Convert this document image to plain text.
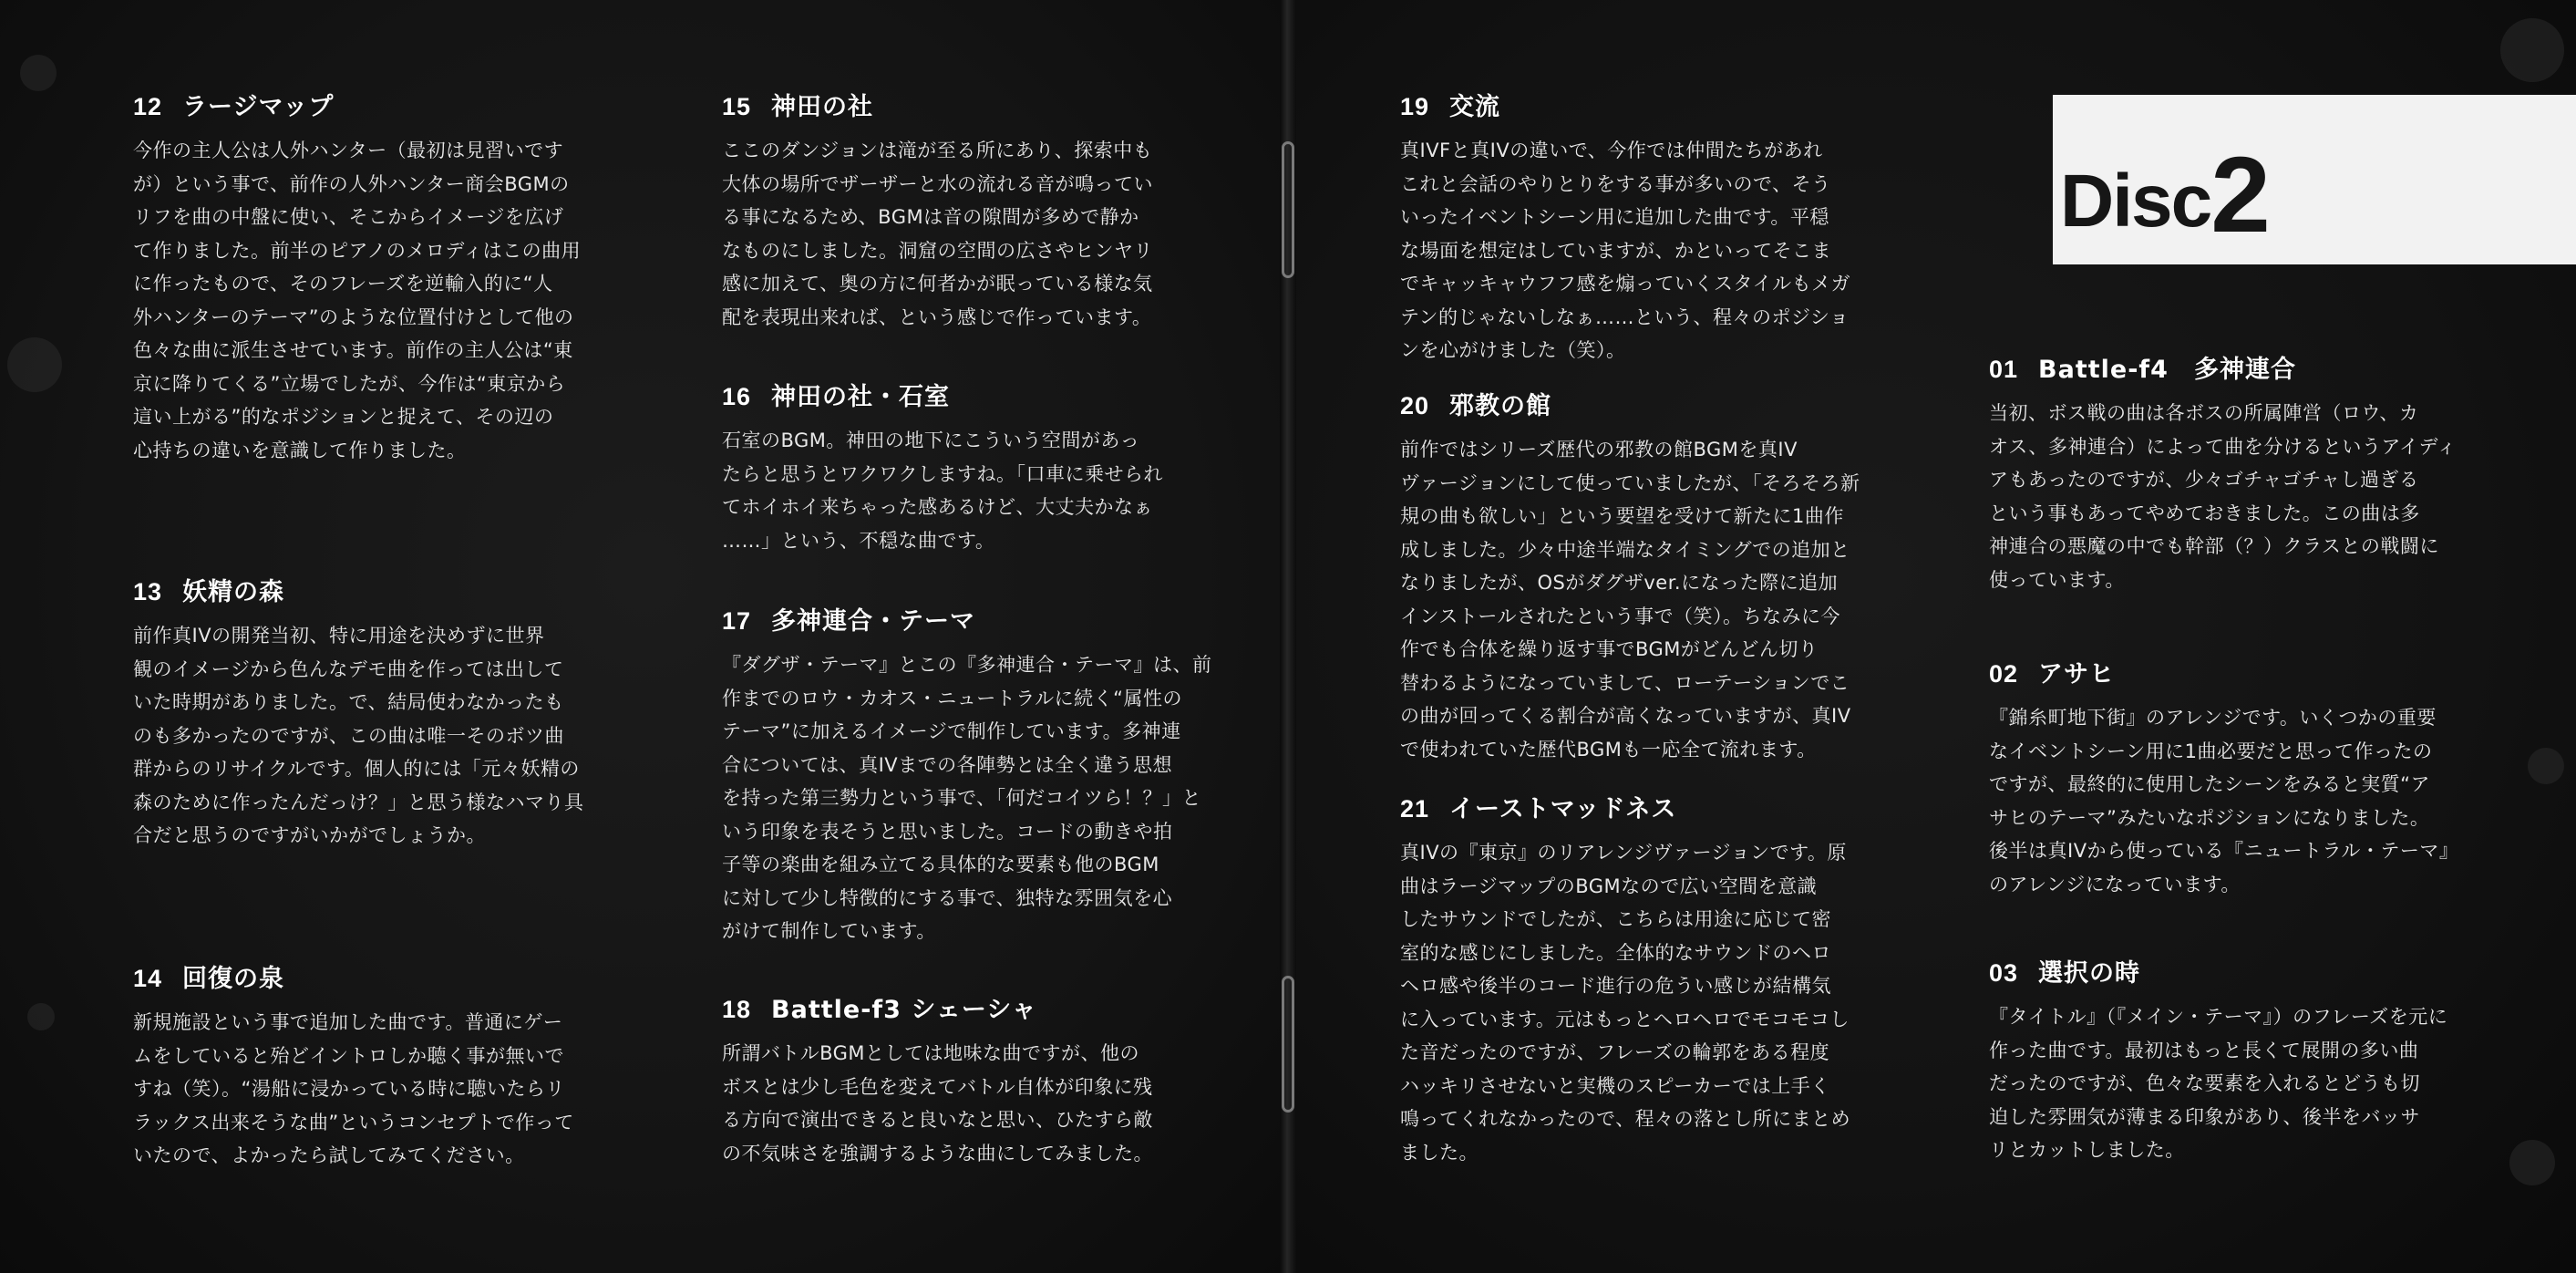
Disc2
12 ラージマップ

今作の主人公は人外ハンター（最初は見習いです
が）という事で、前作の人外ハンター商会BGMの
リフを曲の中盤に使い、そこからイメージを広げ
て作りました。前半のピアノのメロディはこの曲用
に作ったもので、そのフレーズを逆輸入的に“人
外ハンターのテーマ”のような位置付けとして他の
色々な曲に派生させています。前作の主人公は“東
京に降りてくる”立場でしたが、今作は“東京から
這い上がる”的なポジションと捉えて、その辺の
心持ちの違いを意識して作りました。

13 妖精の森

前作真IVの開発当初、特に用途を決めずに世界
観のイメージから色んなデモ曲を作っては出して
いた時期がありました。で、結局使わなかったも
のも多かったのですが、この曲は唯一そのボツ曲
群からのリサイクルです。個人的には「元々妖精の
森のために作ったんだっけ？」と思う様なハマり具
合だと思うのですがいかがでしょうか。

14 回復の泉

新規施設という事で追加した曲です。普通にゲー
ムをしていると殆どイントロしか聴く事が無いで
すね（笑）。“湯船に浸かっている時に聴いたらリ
ラックス出来そうな曲”というコンセプトで作って
いたので、よかったら試してみてください。

15 神田の社

ここのダンジョンは滝が至る所にあり、探索中も
大体の場所でザーザーと水の流れる音が鳴ってい
る事になるため、BGMは音の隙間が多めで静か
なものにしました。洞窟の空間の広さやヒンヤリ
感に加えて、奥の方に何者かが眠っている様な気
配を表現出来れば、という感じで作っています。

16 神田の社・石室

石室のBGM。神田の地下にこういう空間があっ
たらと思うとワクワクしますね。「口車に乗せられ
てホイホイ来ちゃった感あるけど、大丈夫かなぁ
……」という、不穏な曲です。

17 多神連合・テーマ

『ダグザ・テーマ』とこの『多神連合・テーマ』は、前
作までのロウ・カオス・ニュートラルに続く“属性の
テーマ”に加えるイメージで制作しています。多神連
合については、真IVまでの各陣勢とは全く違う思想
を持った第三勢力という事で、「何だコイツら！？」と
いう印象を表そうと思いました。コードの動きや拍
子等の楽曲を組み立てる具体的な要素も他のBGM
に対して少し特徴的にする事で、独特な雰囲気を心
がけて制作しています。

18 Battle-f3 シェーシャ

所謂バトルBGMとしては地味な曲ですが、他の
ボスとは少し毛色を変えてバトル自体が印象に残
る方向で演出できると良いなと思い、ひたすら敵
の不気味さを強調するような曲にしてみました。

19 交流

真IVFと真IVの違いで、今作では仲間たちがあれ
これと会話のやりとりをする事が多いので、そう
いったイベントシーン用に追加した曲です。平穏
な場面を想定はしていますが、かといってそこま
でキャッキャウフフ感を煽っていくスタイルもメガ
テン的じゃないしなぁ……という、程々のポジショ
ンを心がけました（笑）。

20 邪教の館

前作ではシリーズ歴代の邪教の館BGMを真IV
ヴァージョンにして使っていましたが、「そろそろ新
規の曲も欲しい」という要望を受けて新たに1曲作
成しました。少々中途半端なタイミングでの追加と
なりましたが、OSがダグザver.になった際に追加
インストールされたという事で（笑）。ちなみに今
作でも合体を繰り返す事でBGMがどんどん切り
替わるようになっていまして、ローテーションでこ
の曲が回ってくる割合が高くなっていますが、真IV
で使われていた歴代BGMも一応全て流れます。

21 イーストマッドネス

真IVの『東京』のリアレンジヴァージョンです。原
曲はラージマップのBGMなので広い空間を意識
したサウンドでしたが、こちらは用途に応じて密
室的な感じにしました。全体的なサウンドのヘロ
ヘロ感や後半のコード進行の危うい感じが結構気
に入っています。元はもっとヘロヘロでモコモコし
た音だったのですが、フレーズの輪郭をある程度
ハッキリさせないと実機のスピーカーでは上手く
鳴ってくれなかったので、程々の落とし所にまとめ
ました。

01 Battle-f4　多神連合

当初、ボス戦の曲は各ボスの所属陣営（ロウ、カ
オス、多神連合）によって曲を分けるというアイディ
アもあったのですが、少々ゴチャゴチャし過ぎる
という事もあってやめておきました。この曲は多
神連合の悪魔の中でも幹部（？）クラスとの戦闘に
使っています。

02 アサヒ

『錦糸町地下街』のアレンジです。いくつかの重要
なイベントシーン用に1曲必要だと思って作ったの
ですが、最終的に使用したシーンをみると実質“ア
サヒのテーマ”みたいなポジションになりました。
後半は真IVから使っている『ニュートラル・テーマ』
のアレンジになっています。

03 選択の時

『タイトル』（『メイン・テーマ』）のフレーズを元に
作った曲です。最初はもっと長くて展開の多い曲
だったのですが、色々な要素を入れるとどうも切
迫した雰囲気が薄まる印象があり、後半をバッサ
リとカットしました。
